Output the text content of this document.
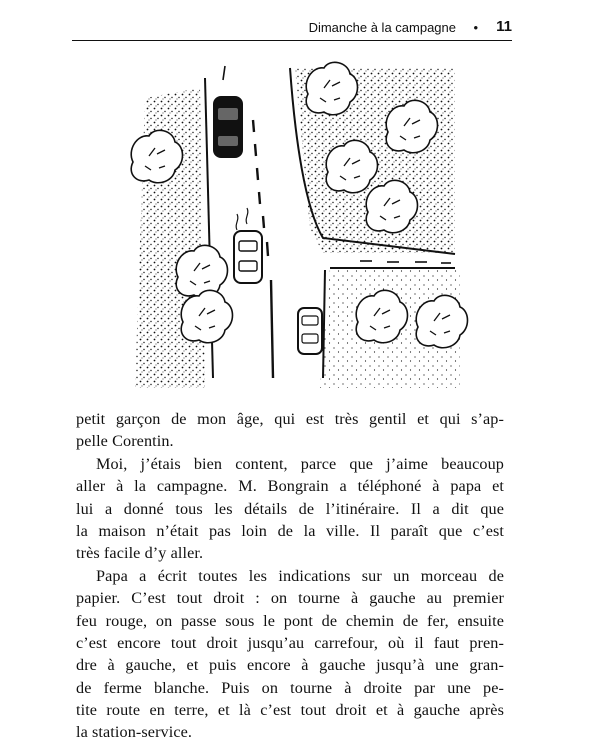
Dimanche à la campagne • 11
petit garçon de mon âge, qui est très gentil et qui s’ap-
pelle Corentin.
Moi, j’étais bien content, parce que j’aime beaucoup
aller à la campagne. M. Bongrain a téléphoné à papa et
lui a donné tous les détails de l’itinéraire. Il a dit que
la maison n’était pas loin de la ville. Il paraît que c’est
très facile d’y aller.
Papa a écrit toutes les indications sur un morceau de
papier. C’est tout droit : on tourne à gauche au premier
feu rouge, on passe sous le pont de chemin de fer, ensuite
c’est encore tout droit jusqu’au carrefour, où il faut pren-
dre à gauche, et puis encore à gauche jusqu’à une gran-
de ferme blanche. Puis on tourne à droite par une pe-
tite route en terre, et là c’est tout droit et à gauche après
la station-service.
